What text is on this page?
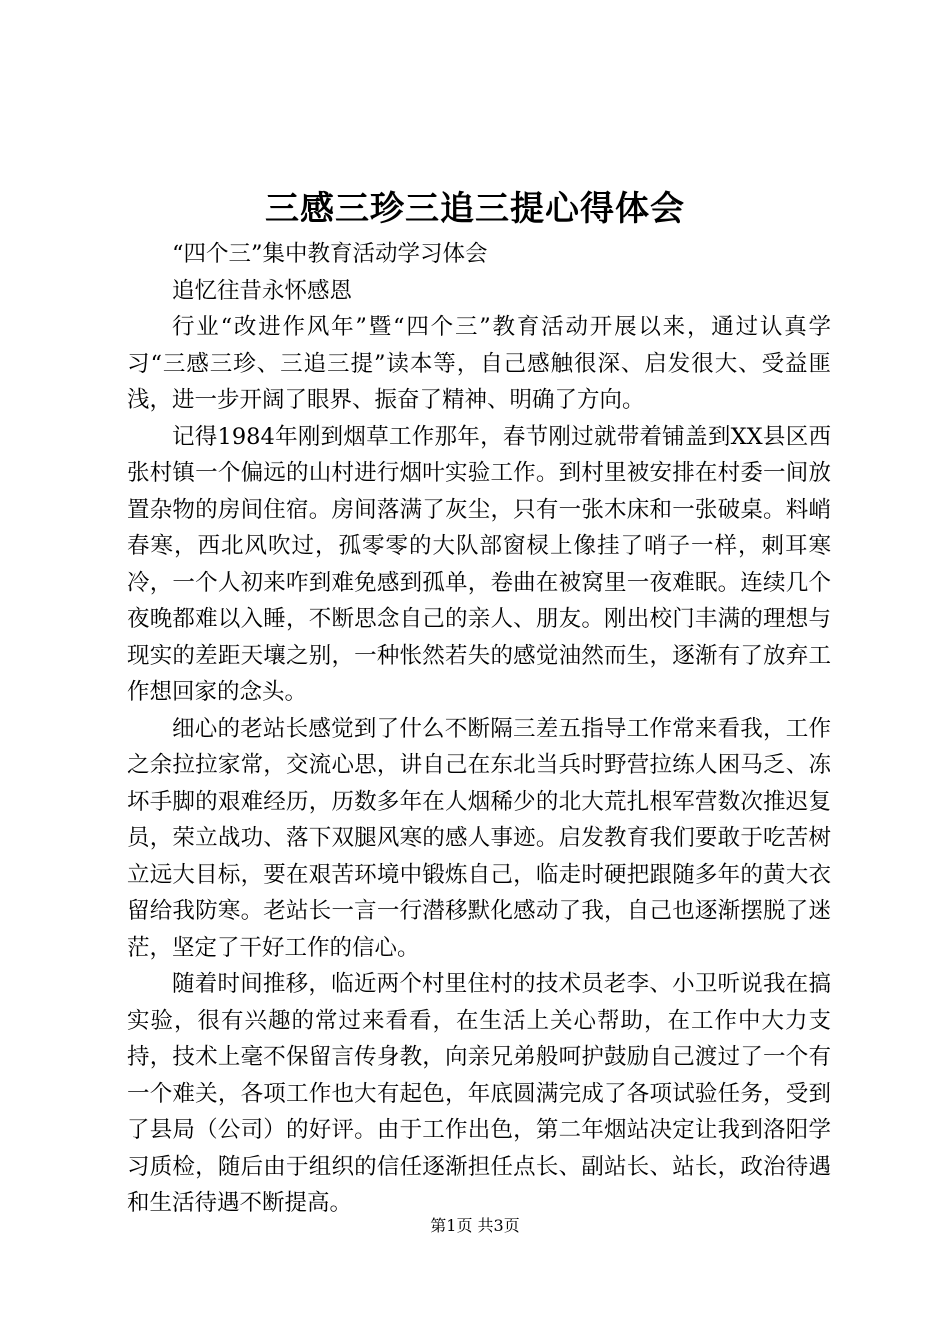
三感三珍三追三提心得体会

“四个三”集中教育活动学习体会

追忆往昔永怀感恩

行业“改进作风年”暨“四个三”教育活动开展以来，通过认真学习“三感三珍、三追三提”读本等，自己感触很深、启发很大、受益匪浅，进一步开阔了眼界、振奋了精神、明确了方向。

记得1984年刚到烟草工作那年，春节刚过就带着铺盖到XX县区西张村镇一个偏远的山村进行烟叶实验工作。到村里被安排在村委一间放置杂物的房间住宿。房间落满了灰尘，只有一张木床和一张破桌。料峭春寒，西北风吹过，孤零零的大队部窗棂上像挂了哨子一样，刺耳寒冷，一个人初来咋到难免感到孤单，卷曲在被窝里一夜难眠。连续几个夜晚都难以入睡，不断思念自己的亲人、朋友。刚出校门丰满的理想与现实的差距天壤之别，一种怅然若失的感觉油然而生，逐渐有了放弃工作想回家的念头。

细心的老站长感觉到了什么不断隔三差五指导工作常来看我，工作之余拉拉家常，交流心思，讲自己在东北当兵时野营拉练人困马乏、冻坏手脚的艰难经历，历数多年在人烟稀少的北大荒扎根军营数次推迟复员，荣立战功、落下双腿风寒的感人事迹。启发教育我们要敢于吃苦树立远大目标，要在艰苦环境中锻炼自己，临走时硬把跟随多年的黄大衣留给我防寒。老站长一言一行潜移默化感动了我，自己也逐渐摆脱了迷茫，坚定了干好工作的信心。

随着时间推移，临近两个村里住村的技术员老李、小卫听说我在搞实验，很有兴趣的常过来看看，在生活上关心帮助，在工作中大力支持，技术上毫不保留言传身教，向亲兄弟般呵护鼓励自己渡过了一个有一个难关，各项工作也大有起色，年底圆满完成了各项试验任务，受到了县局（公司）的好评。由于工作出色，第二年烟站决定让我到洛阳学习质检，随后由于组织的信任逐渐担任点长、副站长、站长，政治待遇和生活待遇不断提高。

第1页 共3页
